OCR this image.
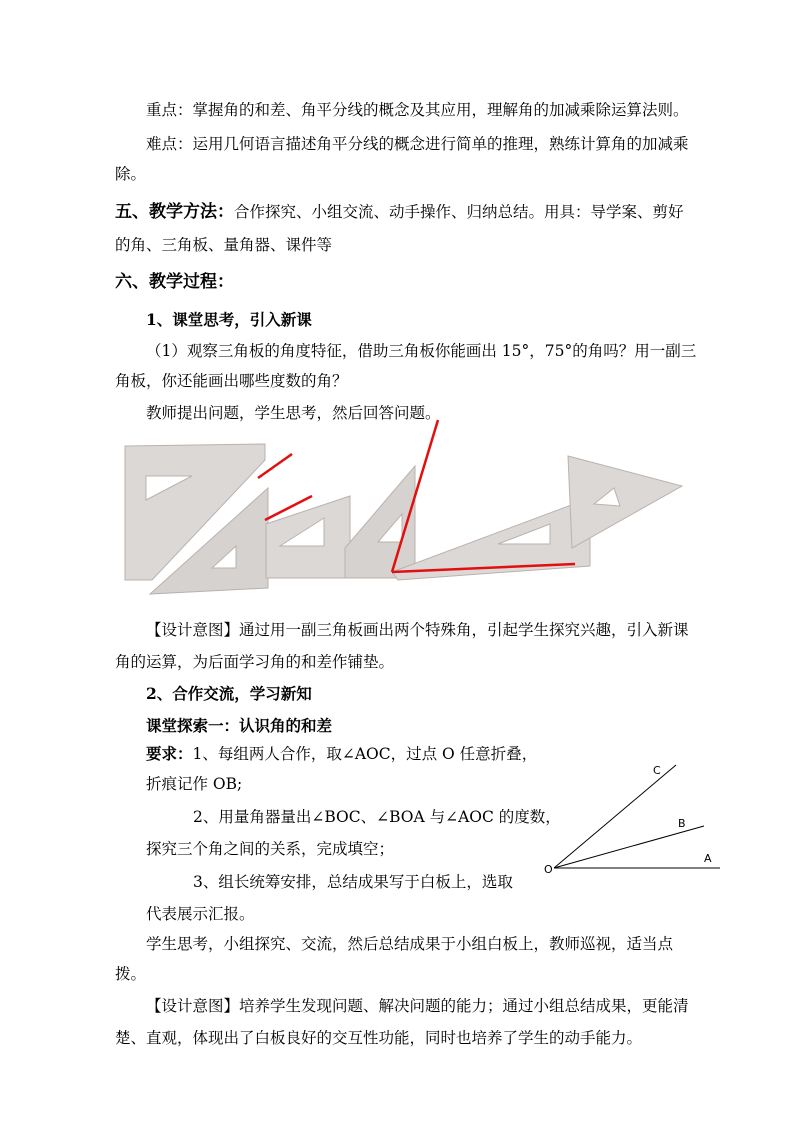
重点：掌握角的和差、角平分线的概念及其应用，理解角的加减乘除运算法则。
难点：运用几何语言描述角平分线的概念进行简单的推理，熟练计算角的加减乘
除。
五、教学方法：合作探究、小组交流、动手操作、归纳总结。用具：导学案、剪好
的角、三角板、量角器、课件等
六、教学过程：
1、课堂思考，引入新课
（1）观察三角板的角度特征，借助三角板你能画出 15°，75°的角吗？用一副三
角板，你还能画出哪些度数的角？
教师提出问题，学生思考，然后回答问题。
【设计意图】通过用一副三角板画出两个特殊角，引起学生探究兴趣，引入新课
角的运算，为后面学习角的和差作铺垫。
2、合作交流，学习新知
课堂探索一：认识角的和差
要求：1、每组两人合作，取∠AOC，过点 O 任意折叠，
折痕记作 OB;
2、用量角器量出∠BOC、∠BOA 与∠AOC 的度数，
探究三个角之间的关系，完成填空；
3、组长统筹安排，总结成果写于白板上，选取
代表展示汇报。
C
B
A
O
学生思考，小组探究、交流，然后总结成果于小组白板上，教师巡视，适当点
拨。
【设计意图】培养学生发现问题、解决问题的能力；通过小组总结成果，更能清
楚、直观，体现出了白板良好的交互性功能，同时也培养了学生的动手能力。
